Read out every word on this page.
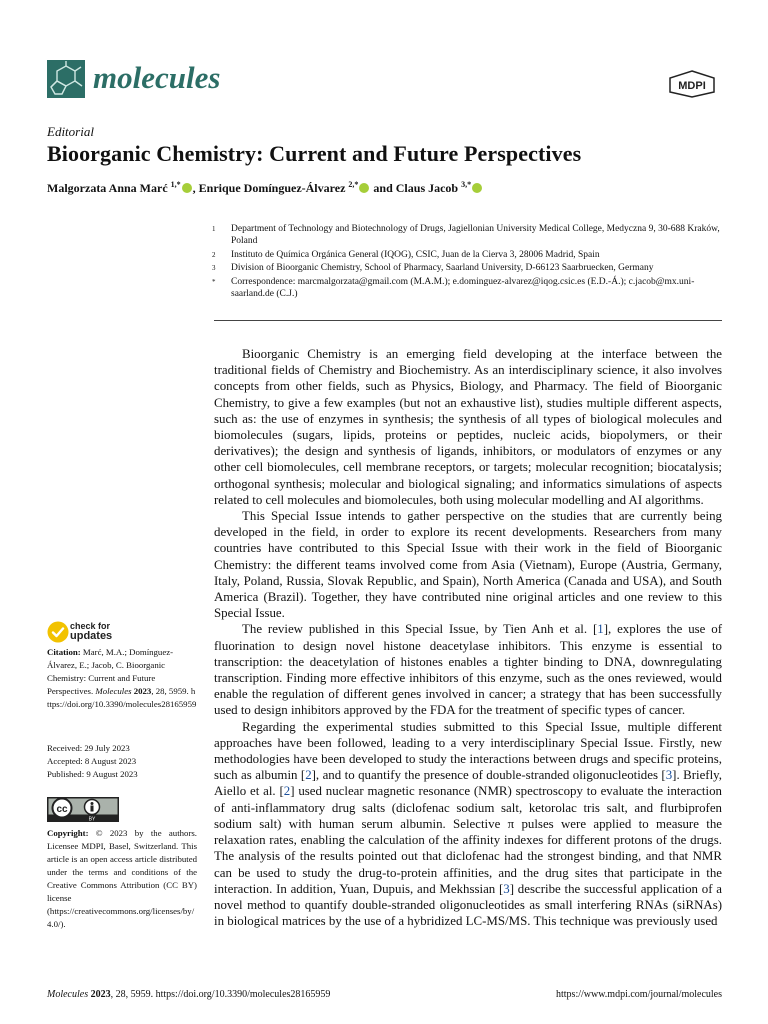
molecules	MDPI
Editorial
Bioorganic Chemistry: Current and Future Perspectives
Malgorzata Anna Marć $^{1,*}$ , Enrique Domínguez-Álvarez $^{2,*}$ and Claus Jacob $^{3,*}$
1	Department of Technology and Biotechnology of Drugs, Jagiellonian University Medical College, Medyczna 9, 30-688 Kraków, Poland
2	Instituto de Química Orgánica General (IQOG), CSIC, Juan de la Cierva 3, 28006 Madrid, Spain
3	Division of Bioorganic Chemistry, School of Pharmacy, Saarland University, D-66123 Saarbruecken, Germany
*	Correspondence: marcmalgorzata@gmail.com (M.A.M.); e.dominguez-alvarez@iqog.csic.es (E.D.-Á.); c.jacob@mx.uni-saarland.de (C.J.)

Bioorganic Chemistry is an emerging field developing at the interface between the traditional fields of Chemistry and Biochemistry. As an interdisciplinary science, it also involves concepts from other fields, such as Physics, Biology, and Pharmacy. The field of Bioorganic Chemistry, to give a few examples (but not an exhaustive list), studies multiple different aspects, such as: the use of enzymes in synthesis; the synthesis of all types of biological molecules and biomolecules (sugars, lipids, proteins or peptides, nucleic acids, biopolymers, or their derivatives); the design and synthesis of ligands, inhibitors, or modulators of enzymes or any other cell biomolecules, cell membrane receptors, or targets; molecular recognition; biocatalysis; orthogonal synthesis; molecular and biological signaling; and informatics simulations of aspects related to cell molecules and biomolecules, both using molecular modelling and AI algorithms.

This Special Issue intends to gather perspective on the studies that are currently being developed in the field, in order to explore its recent developments. Researchers from many countries have contributed to this Special Issue with their work in the field of Bioorganic Chemistry: the different teams involved come from Asia (Vietnam), Europe (Austria, Germany, Italy, Poland, Russia, Slovak Republic, and Spain), North America (Canada and USA), and South America (Brazil). Together, they have contributed nine original articles and one review to this Special Issue.

The review published in this Special Issue, by Tien Anh et al. [1], explores the use of fluorination to design novel histone deacetylase inhibitors. This enzyme is essential to transcription: the deacetylation of histones enables a tighter binding to DNA, downregulating transcription. Finding more effective inhibitors of this enzyme, such as the ones reviewed, would enable the regulation of different genes involved in cancer; a strategy that has been successfully used to design inhibitors approved by the FDA for the treatment of specific types of cancer.

Regarding the experimental studies submitted to this Special Issue, multiple different approaches have been followed, leading to a very interdisciplinary Special Issue. Firstly, new methodologies have been developed to study the interactions between drugs and specific proteins, such as albumin [2], and to quantify the presence of double-stranded oligonucleotides [3]. Briefly, Aiello et al. [2] used nuclear magnetic resonance (NMR) spectroscopy to evaluate the interaction of anti-inflammatory drug salts (diclofenac sodium salt, ketorolac tris salt, and flurbiprofen sodium salt) with human serum albumin. Selective π pulses were applied to measure the relaxation rates, enabling the calculation of the affinity indexes for different protons of the drugs. The analysis of the results pointed out that diclofenac had the strongest binding, and that NMR can be used to study the drug-to-protein affinities, and the drug sites that participate in the interaction. In addition, Yuan, Dupuis, and Mekhssian [3] describe the successful application of a novel method to quantify double-stranded oligonucleotides as small interfering RNAs (siRNAs) in biological matrices by the use of a hybridized LC-MS/MS. This technique was previously used

check for
updates
Citation: Marć, M.A.; Domínguez-Álvarez, E.; Jacob, C. Bioorganic Chemistry: Current and Future Perspectives. Molecules 2023, 28, 5959. https://doi.org/10.3390/molecules28165959
Received: 29 July 2023
Accepted: 8 August 2023
Published: 9 August 2023
cc
BY
Copyright: © 2023 by the authors. Licensee MDPI, Basel, Switzerland. This article is an open access article distributed under the terms and conditions of the Creative Commons Attribution (CC BY) license (https://creativecommons.org/licenses/by/4.0/).
Molecules 2023, 28, 5959. https://doi.org/10.3390/molecules28165959	https://www.mdpi.com/journal/molecules
